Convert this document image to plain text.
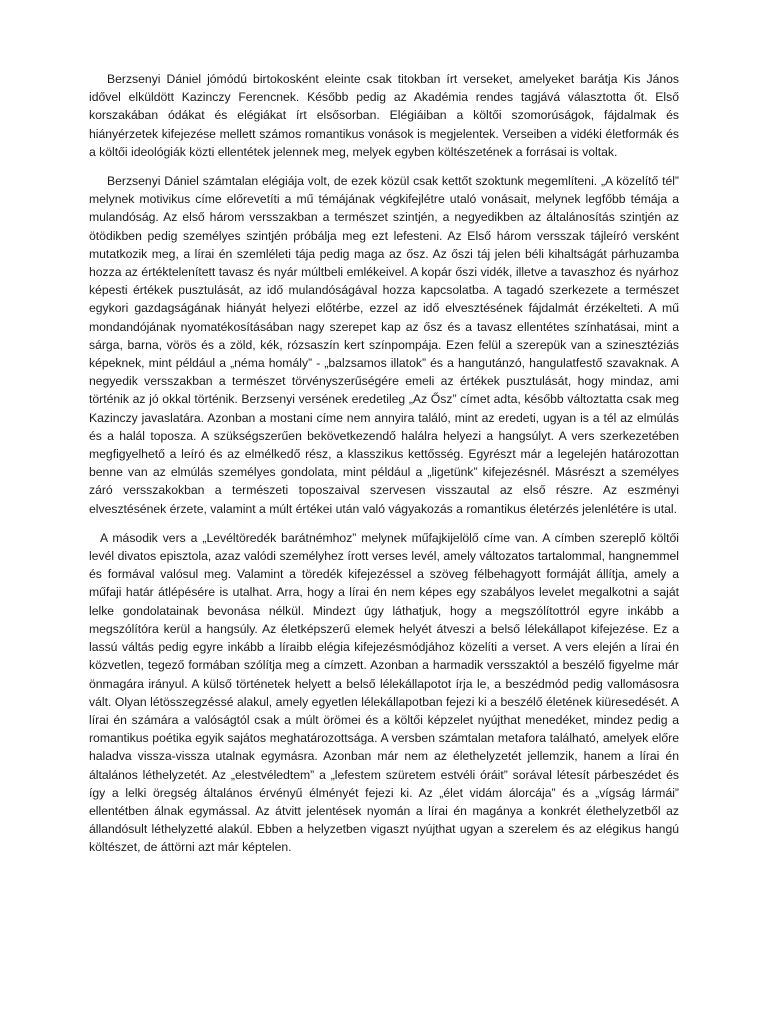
Berzsenyi Dániel jómódú birtokosként eleinte csak titokban írt verseket, amelyeket barátja Kis János idővel elküldött Kazinczy Ferencnek. Később pedig az Akadémia rendes tagjává választotta őt. Első korszakában ódákat és elégiákat írt elsősorban. Elégiáiban a költői szomorúságok, fájdalmak és hiányérzetek kifejezése mellett számos romantikus vonások is megjelentek. Verseiben a vidéki életformák és a költői ideológiák közti ellentétek jelennek meg, melyek egyben költészetének a forrásai is voltak.

Berzsenyi Dániel számtalan elégiája volt, de ezek közül csak kettőt szoktunk megemlíteni. „A közelítő tél” melynek motivikus címe előrevetíti a mű témájának végkifejlétre utaló vonásait, melynek legfőbb témája a mulandóság. Az első három versszakban a természet szintjén, a negyedikben az általánosítás szintjén az ötödikben pedig személyes szintjén próbálja meg ezt lefesteni. Az Első három versszak tájleíró versként mutatkozik meg, a lírai én szemléleti tája pedig maga az ősz. Az őszi táj jelen béli kihaltságát párhuzamba hozza az értéktelenített tavasz és nyár múltbeli emlékeivel. A kopár őszi vidék, illetve a tavaszhoz és nyárhoz képesti értékek pusztulását, az idő mulandóságával hozza kapcsolatba. A tagadó szerkezete a természet egykori gazdagságának hiányát helyezi előtérbe, ezzel az idő elvesztésének fájdalmát érzékelteti. A mű mondandójának nyomatékosításában nagy szerepet kap az ősz és a tavasz ellentétes színhatásai, mint a sárga, barna, vörös és a zöld, kék, rózsaszín kert színpompája. Ezen felül a szerepük van a szinesztéziás képeknek, mint például a „néma homály” - „balzsamos illatok” és a hangutánzó, hangulatfestő szavaknak. A negyedik versszakban a természet törvényszerűségére emeli az értékek pusztulását, hogy mindaz, ami történik az jó okkal történik. Berzsenyi versének eredetileg „Az Ősz” címet adta, később változtatta csak meg Kazinczy javaslatára. Azonban a mostani címe nem annyira találó, mint az eredeti, ugyan is a tél az elmúlás és a halál toposza. A szükségszerűen bekövetkezendő halálra helyezi a hangsúlyt. A vers szerkezetében megfigyelhető a leíró és az elmélkedő rész, a klasszikus kettősség. Egyrészt már a legelején határozottan benne van az elmúlás személyes gondolata, mint például a „ligetünk” kifejezésnél. Másrészt a személyes záró versszakokban a természeti toposzaival szervesen visszautal az első részre. Az eszményi elvesztésének érzete, valamint a múlt értékei után való vágyakozás a romantikus életérzés jelenlétére is utal.

A második vers a „Levéltöredék barátnémhoz” melynek műfajkijelölő címe van. A címben szereplő költői levél divatos episztola, azaz valódi személyhez írott verses levél, amely változatos tartalommal, hangnemmel és formával valósul meg. Valamint a töredék kifejezéssel a szöveg félbehagyott formáját állítja, amely a műfaji határ átlépésére is utalhat. Arra, hogy a lírai én nem képes egy szabályos levelet megalkotni a saját lelke gondolatainak bevonása nélkül. Mindezt úgy láthatjuk, hogy a megszólítottról egyre inkább a megszólítóra kerül a hangsúly. Az életképszerű elemek helyét átveszi a belső lélekállapot kifejezése. Ez a lassú váltás pedig egyre inkább a líraibb elégia kifejezésmódjához közelíti a verset. A vers elején a lírai én közvetlen, tegező formában szólítja meg a címzett. Azonban a harmadik versszaktól a beszélő figyelme már önmagára irányul. A külső történetek helyett a belső lélekállapotot írja le, a beszédmód pedig vallomásosra vált. Olyan létösszegzéssé alakul, amely egyetlen lélekállapotban fejezi ki a beszélő életének kiüresedését. A lírai én számára a valóságtól csak a múlt örömei és a költői képzelet nyújthat menedéket, mindez pedig a romantikus poétika egyik sajátos meghatározottsága. A versben számtalan metafora található, amelyek előre haladva vissza-vissza utalnak egymásra. Azonban már nem az élethelyzetét jellemzik, hanem a lírai én általános léthelyzetét. Az „elestvéledtem” a „lefestem szüretem estvéli óráit” sorával létesít párbeszédet és így a lelki öregség általános érvényű élményét fejezi ki. Az „élet vidám álorcája” és a „vígság lármái” ellentétben álnak egymással. Az átvitt jelentések nyomán a lírai én magánya a konkrét élethelyzetből az állandósult léthelyzetté alakúl. Ebben a helyzetben vigaszt nyújthat ugyan a szerelem és az elégikus hangú költészet, de áttörni azt már képtelen.
